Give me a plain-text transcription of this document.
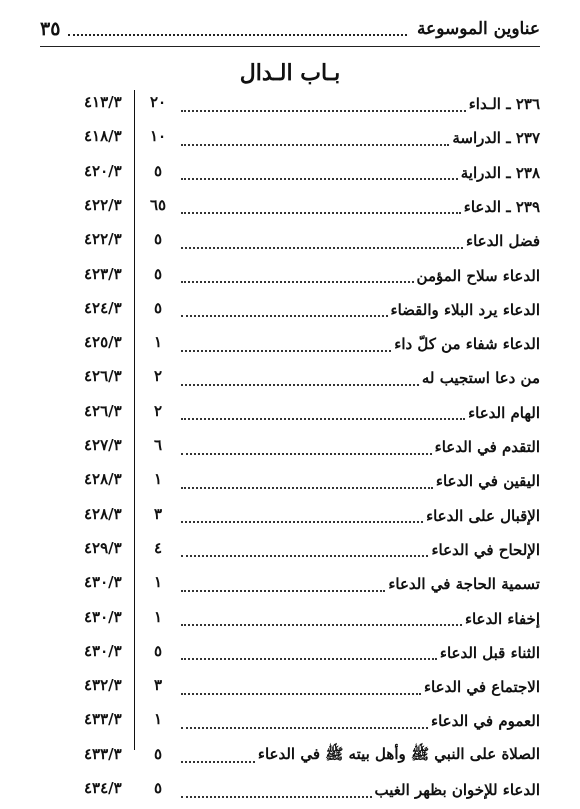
عناوين الموسوعة
٣٥
بـاب الـدال
٤١٣/٣	٢٠	٢٣٦ ـ الـداء
٤١٨/٣	١٠	٢٣٧ ـ الدراسة
٤٢٠/٣	٥	٢٣٨ ـ الدراية
٤٢٢/٣	٦٥	٢٣٩ ـ الدعاء
٤٢٢/٣	٥	فضل الدعاء
٤٢٣/٣	٥	الدعاء سلاح المؤمن
٤٢٤/٣	٥	الدعاء يرد البلاء والقضاء
٤٢٥/٣	١	الدعاء شفاء من كلّ داء
٤٢٦/٣	٢	من دعا استجيب له
٤٢٦/٣	٢	الهام الدعاء
٤٢٧/٣	٦	التقدم في الدعاء
٤٢٨/٣	١	اليقين في الدعاء
٤٢٨/٣	٣	الإقبال على الدعاء
٤٢٩/٣	٤	الإلحاح في الدعاء
٤٣٠/٣	١	تسمية الحاجة في الدعاء
٤٣٠/٣	١	إخفاء الدعاء
٤٣٠/٣	٥	الثناء قبل الدعاء
٤٣٢/٣	٣	الاجتماع في الدعاء
٤٣٣/٣	١	العموم في الدعاء
٤٣٣/٣	٥	الصلاة على النبي ﷺ وأهل بيته ﷺ في الدعاء
٤٣٤/٣	٥	الدعاء للإخوان بظهر الغيب
